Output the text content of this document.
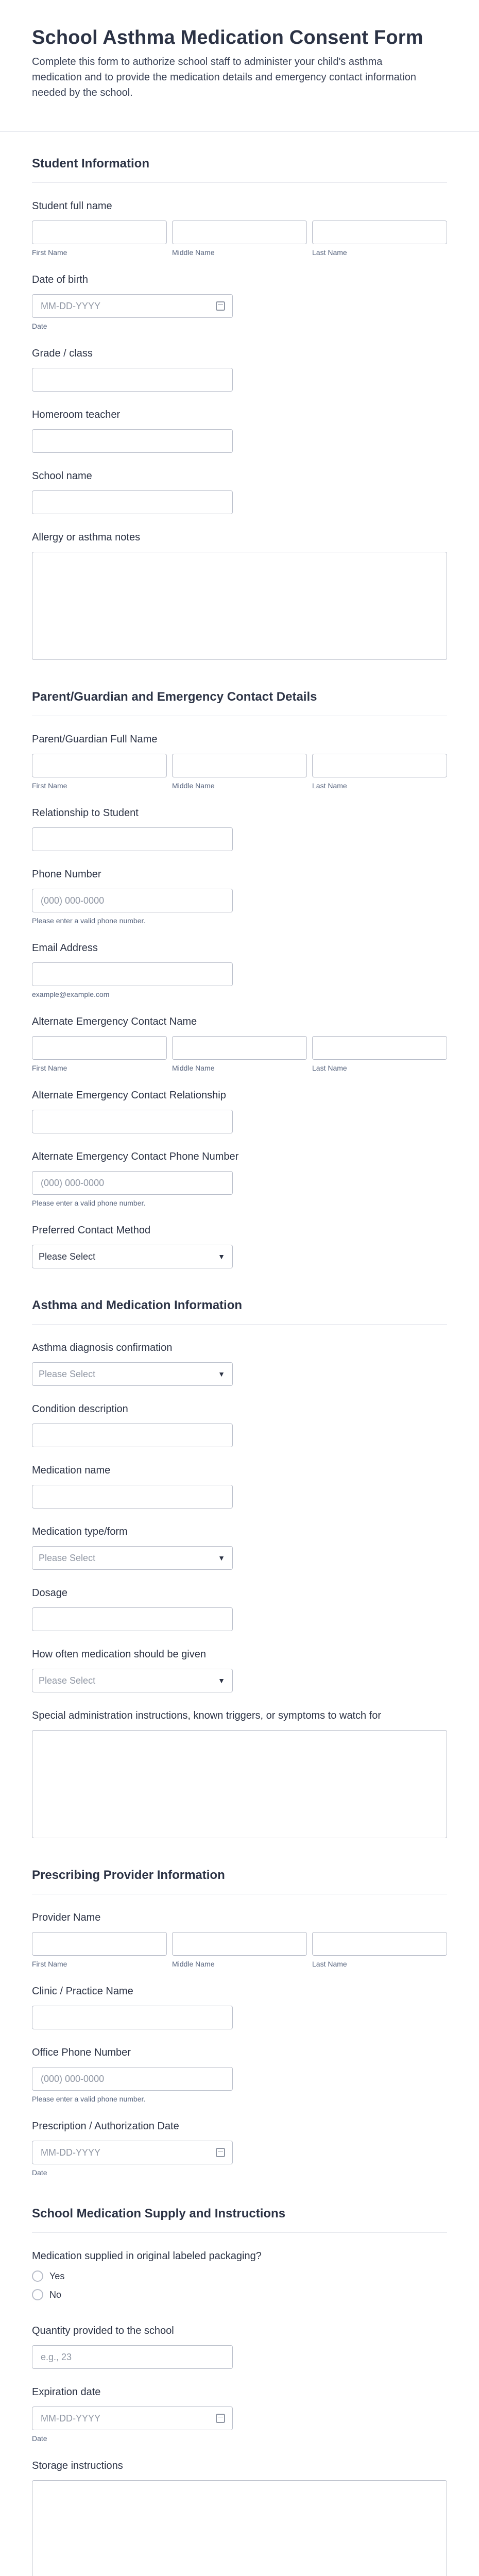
School Asthma Medication Consent Form

Complete this form to authorize school staff to administer your child's asthma medication and to provide the medication details and emergency contact information needed by the school.

Student Information
Student full name
First Name	Middle Name	Last Name
Date of birth
MM-DD-YYYY
Date
Grade / class
Homeroom teacher
School name
Allergy or asthma notes
Parent/Guardian and Emergency Contact Details
Parent/Guardian Full Name
First Name	Middle Name	Last Name
Relationship to Student
Phone Number
(000) 000-0000
Please enter a valid phone number.
Email Address
example@example.com
Alternate Emergency Contact Name
First Name	Middle Name	Last Name
Alternate Emergency Contact Relationship
Alternate Emergency Contact Phone Number
(000) 000-0000
Please enter a valid phone number.
Preferred Contact Method
Please Select	▼
Asthma and Medication Information
Asthma diagnosis confirmation
Please Select	▼
Condition description
Medication name
Medication type/form
Please Select	▼
Dosage
How often medication should be given
Please Select	▼
Special administration instructions, known triggers, or symptoms to watch for
Prescribing Provider Information
Provider Name
First Name	Middle Name	Last Name
Clinic / Practice Name
Office Phone Number
(000) 000-0000
Please enter a valid phone number.
Prescription / Authorization Date
MM-DD-YYYY
Date
School Medication Supply and Instructions
Medication supplied in original labeled packaging?
Yes
No
Quantity provided to the school
e.g., 23
Expiration date
MM-DD-YYYY
Date
Storage instructions
